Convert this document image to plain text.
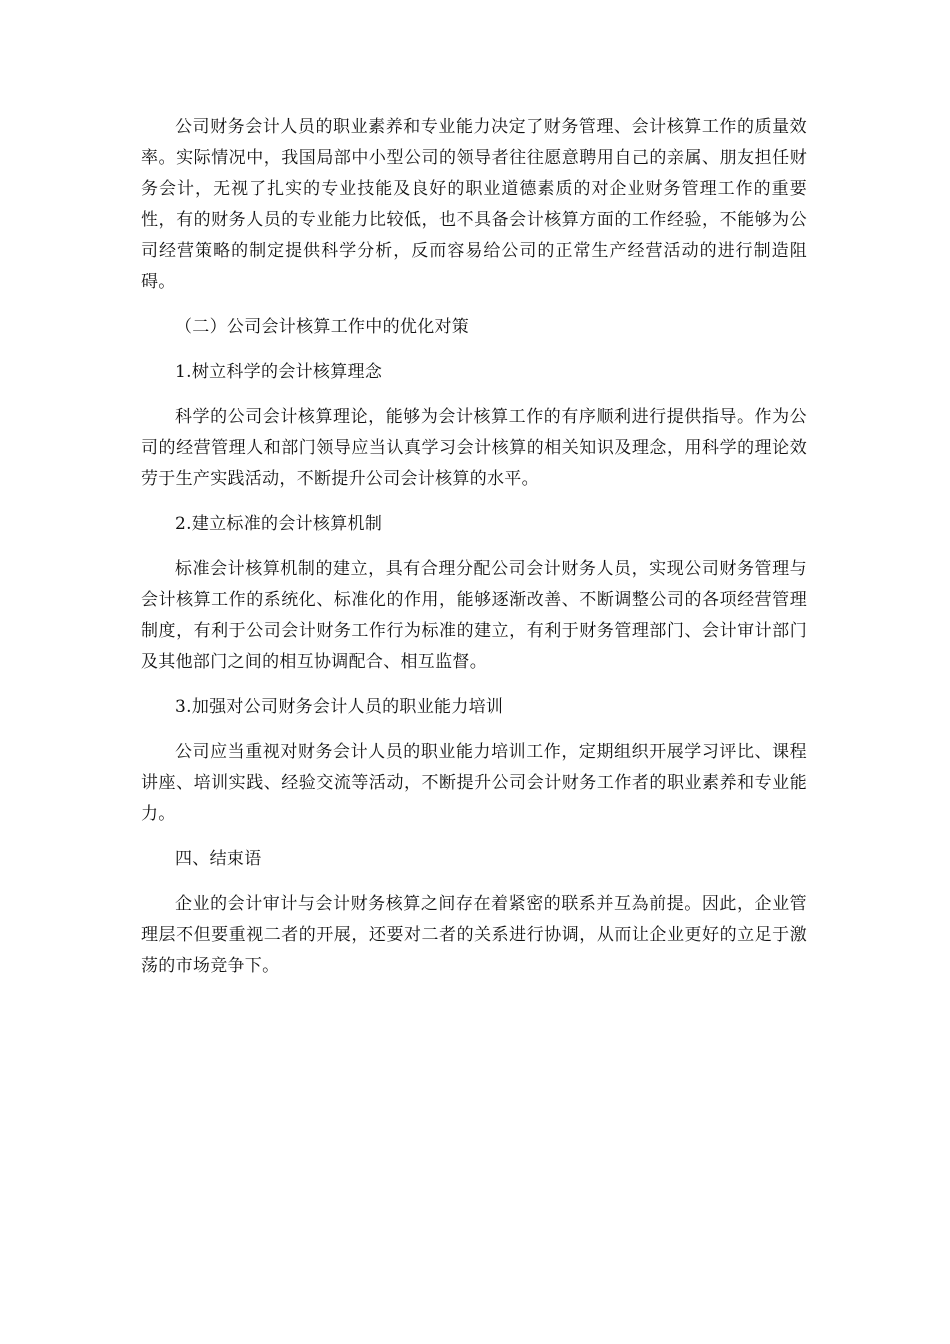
公司财务会计人员的职业素养和专业能力决定了财务管理、会计核算工作的质量效率。实际情况中，我国局部中小型公司的领导者往往愿意聘用自己的亲属、朋友担任财务会计，无视了扎实的专业技能及良好的职业道德素质的对企业财务管理工作的重要性，有的财务人员的专业能力比较低，也不具备会计核算方面的工作经验，不能够为公司经营策略的制定提供科学分析，反而容易给公司的正常生产经营活动的进行制造阻碍。

（二）公司会计核算工作中的优化对策

1.树立科学的会计核算理念

科学的公司会计核算理论，能够为会计核算工作的有序顺利进行提供指导。作为公司的经营管理人和部门领导应当认真学习会计核算的相关知识及理念，用科学的理论效劳于生产实践活动，不断提升公司会计核算的水平。

2.建立标准的会计核算机制

标准会计核算机制的建立，具有合理分配公司会计财务人员，实现公司财务管理与会计核算工作的系统化、标准化的作用，能够逐渐改善、不断调整公司的各项经营管理制度，有利于公司会计财务工作行为标准的建立，有利于财务管理部门、会计审计部门及其他部门之间的相互协调配合、相互监督。

3.加强对公司财务会计人员的职业能力培训

公司应当重视对财务会计人员的职业能力培训工作，定期组织开展学习评比、课程讲座、培训实践、经验交流等活动，不断提升公司会计财务工作者的职业素养和专业能力。

四、结束语

企业的会计审计与会计财务核算之间存在着紧密的联系并互為前提。因此，企业管理层不但要重视二者的开展，还要对二者的关系进行协调，从而让企业更好的立足于激荡的市场竞争下。
